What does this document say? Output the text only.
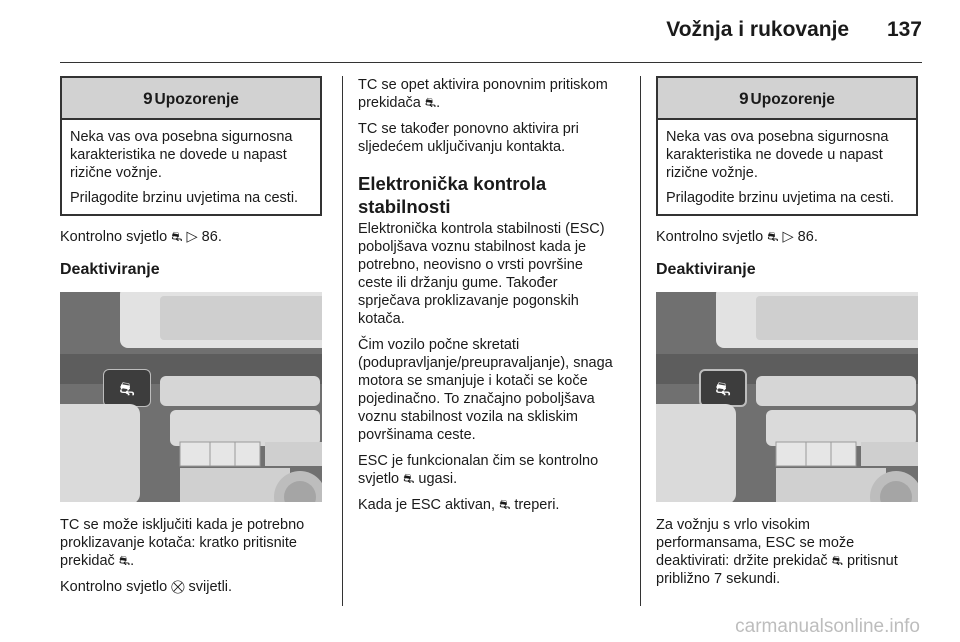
Vožnja i rukovanje 137
9 Upozorenje

Neka vas ova posebna sigurnosna karakteristika ne dovede u napast rizične vožnje.

Prilagodite brzinu uvjetima na cesti.

Kontrolno svjetlo ⛐ ▷ 86.

Deaktiviranje
⛐

TC se može isključiti kada je potrebno proklizavanje kotača: kratko pritisnite prekidač ⛐.

Kontrolno svjetlo ⛒ svijetli.

TC se opet aktivira ponovnim pritiskom prekidača ⛐.

TC se također ponovno aktivira pri sljedećem uključivanju kontakta.

Elektronička kontrola stabilnosti

Elektronička kontrola stabilnosti (ESC) poboljšava voznu stabilnost kada je potrebno, neovisno o vrsti površine ceste ili držanju gume. Također sprječava proklizavanje pogonskih kotača.

Čim vozilo počne skretati (podupravljanje/preupravaljanje), snaga motora se smanjuje i kotači se koče pojedinačno. To značajno poboljšava voznu stabilnost vozila na skliskim površinama ceste.

ESC je funkcionalan čim se kontrolno svjetlo ⛐ ugasi.

Kada je ESC aktivan, ⛐ treperi.

9 Upozorenje

Neka vas ova posebna sigurnosna karakteristika ne dovede u napast rizične vožnje.

Prilagodite brzinu uvjetima na cesti.

Kontrolno svjetlo ⛐ ▷ 86.

Deaktiviranje
⛐

Za vožnju s vrlo visokim performansama, ESC se može deaktivirati: držite prekidač ⛐ pritisnut približno 7 sekundi.

carmanualsonline.info
